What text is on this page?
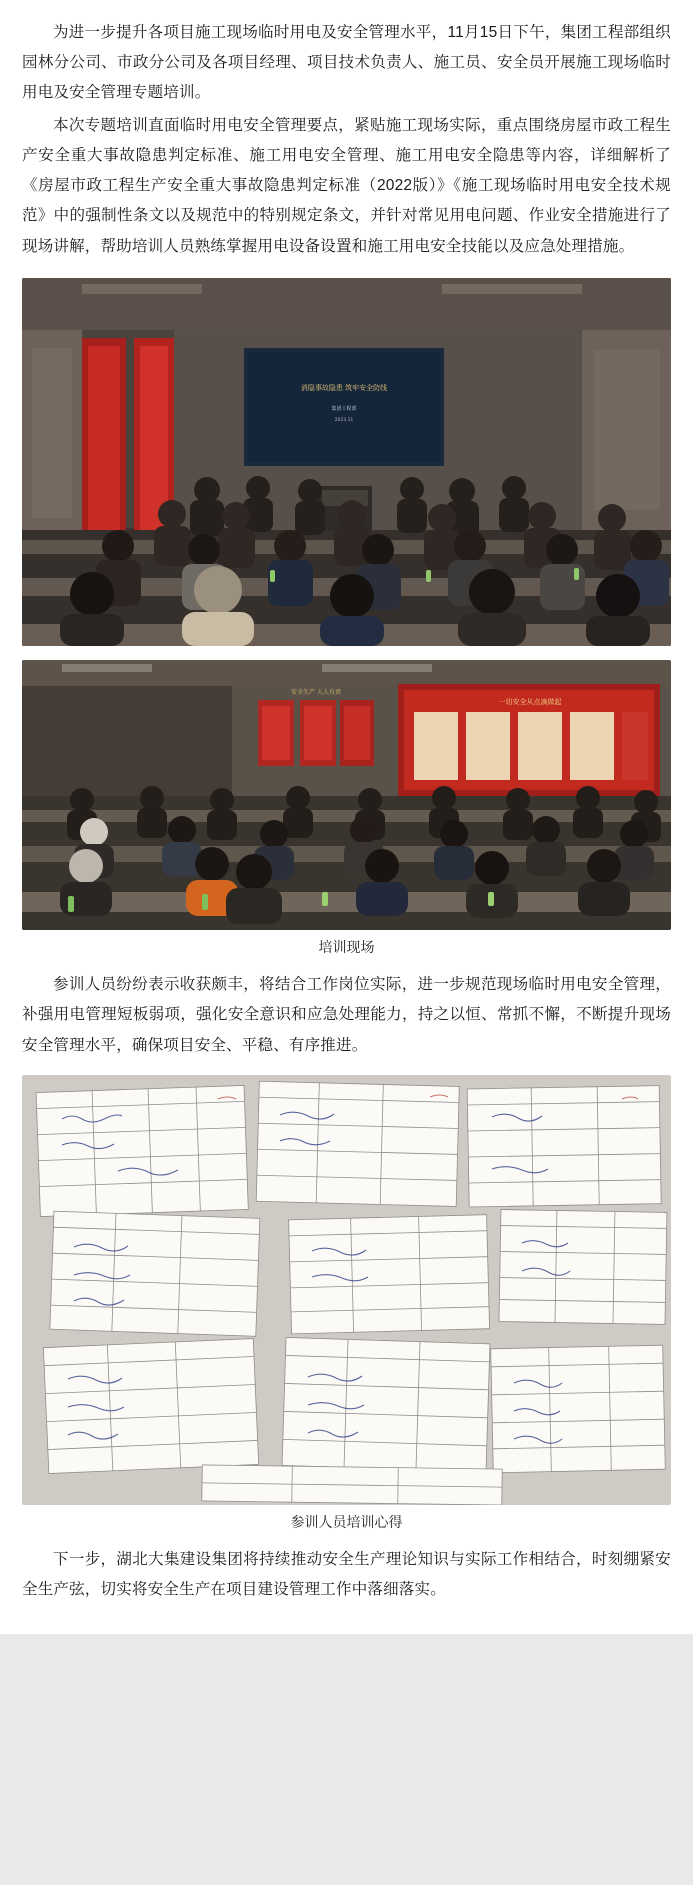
为进一步提升各项目施工现场临时用电及安全管理水平，11月15日下午，集团工程部组织园林分公司、市政分公司及各项目经理、项目技术负责人、施工员、安全员开展施工现场临时用电及安全管理专题培训。

本次专题培训直面临时用电安全管理要点，紧贴施工现场实际，重点围绕房屋市政工程生产安全重大事故隐患判定标准、施工用电安全管理、施工用电安全隐患等内容，详细解析了《房屋市政工程生产安全重大事故隐患判定标准（2022版）》《施工现场临时用电安全技术规范》中的强制性条文以及规范中的特别规定条文，并针对常见用电问题、作业安全措施进行了现场讲解，帮助培训人员熟练掌握用电设备设置和施工用电安全技能以及应急处理措施。

消隐事故隐患 筑牢安全防线
集团工程部
2023.11
安全生产 人人有责
一切安全从点滴做起
培训现场

参训人员纷纷表示收获颇丰，将结合工作岗位实际，进一步规范现场临时用电安全管理，补强用电管理短板弱项，强化安全意识和应急处理能力，持之以恒、常抓不懈，不断提升现场安全管理水平，确保项目安全、平稳、有序推进。

参训人员培训心得

下一步，湖北大集建设集团将持续推动安全生产理论知识与实际工作相结合，时刻绷紧安全生产弦，切实将安全生产在项目建设管理工作中落细落实。
